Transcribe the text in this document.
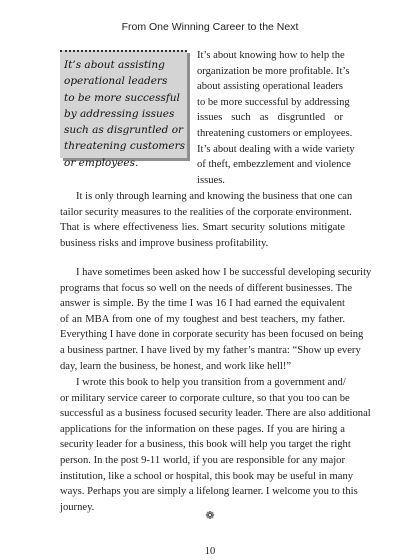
From One Winning Career to the Next
It’s about assisting
operational leaders
to be more successful
by addressing issues
such as disgruntled or
threatening customers
or employees.
It’s about knowing how to help the
organization be more profitable. It’s
about assisting operational leaders
to be more successful by addressing
issues such as disgruntled or
threatening customers or employees.
It’s about dealing with a wide variety
of theft, embezzlement and violence
issues.
It is only through learning and knowing the business that one can
tailor security measures to the realities of the corporate environment.
That is where effectiveness lies. Smart security solutions mitigate
business risks and improve business profitability.
I have sometimes been asked how I be successful developing security
programs that focus so well on the needs of different businesses. The
answer is simple. By the time I was 16 I had earned the equivalent
of an MBA from one of my toughest and best teachers, my father.
Everything I have done in corporate security has been focused on being
a business partner. I have lived by my father’s mantra: “Show up every
day, learn the business, be honest, and work like hell!”
I wrote this book to help you transition from a government and/
or military service career to corporate culture, so that you too can be
successful as a business focused security leader. There are also additional
applications for the information on these pages. If you are hiring a
security leader for a business, this book will help you target the right
person. In the post 9-11 world, if you are responsible for any major
institution, like a school or hospital, this book may be useful in many
ways. Perhaps you are simply a lifelong learner. I welcome you to this
journey.
❁
10
